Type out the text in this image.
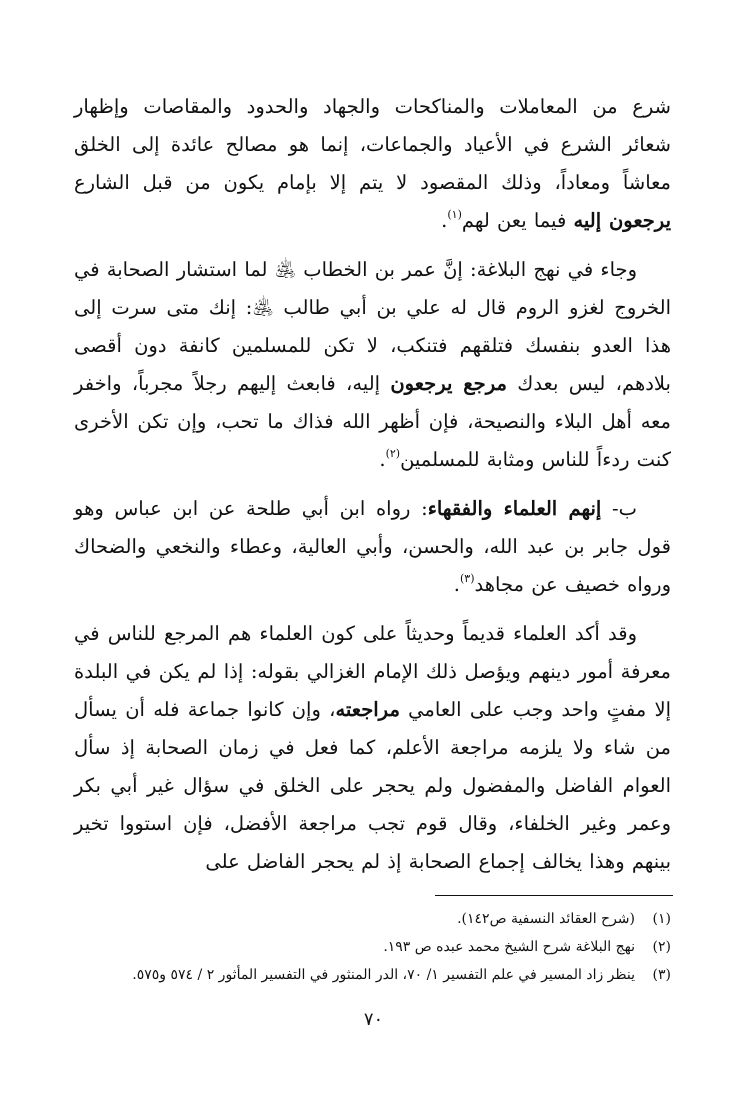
شرع من المعاملات والمناكحات والجهاد والحدود والمقاصات وإظهار شعائر الشرع في الأعياد والجماعات، إنما هو مصالح عائدة إلى الخلق معاشاً ومعاداً، وذلك المقصود لا يتم إلا بإمام يكون من قبل الشارع يرجعون إليه فيما يعن لهم$^{(١)}$.

وجاء في نهج البلاغة: إنَّ عمر بن الخطاب ﵁ لما استشار الصحابة في الخروج لغزو الروم قال له علي بن أبي طالب ﵁: إنك متى سرت إلى هذا العدو بنفسك فتلقهم فتنكب، لا تكن للمسلمين كانفة دون أقصى بلادهم، ليس بعدك مرجع يرجعون إليه، فابعث إليهم رجلاً مجرباً، واخفر معه أهل البلاء والنصيحة، فإن أظهر الله فذاك ما تحب، وإن تكن الأخرى كنت ردءاً للناس ومثابة للمسلمين$^{(٢)}$.

ب- إنهم العلماء والفقهاء: رواه ابن أبي طلحة عن ابن عباس وهو قول جابر بن عبد الله، والحسن، وأبي العالية، وعطاء والنخعي والضحاك ورواه خصيف عن مجاهد$^{(٣)}$.

وقد أكد العلماء قديماً وحديثاً على كون العلماء هم المرجع للناس في معرفة أمور دينهم ويؤصل ذلك الإمام الغزالي بقوله: إذا لم يكن في البلدة إلا مفتٍ واحد وجب على العامي مراجعته، وإن كانوا جماعة فله أن يسأل من شاء ولا يلزمه مراجعة الأعلم، كما فعل في زمان الصحابة إذ سأل العوام الفاضل والمفضول ولم يحجر على الخلق في سؤال غير أبي بكر وعمر وغير الخلفاء، وقال قوم تجب مراجعة الأفضل، فإن استووا تخير بينهم وهذا يخالف إجماع الصحابة إذ لم يحجر الفاضل على

(١)
(شرح العقائد النسفية ص١٤٢).
(٢)
نهج البلاغة شرح الشيخ محمد عبده ص ١٩٣.
(٣)
ينظر زاد المسير في علم التفسير ١/ ٧٠، الدر المنثور في التفسير المأثور ٢ / ٥٧٤ و٥٧٥.
٧٠
